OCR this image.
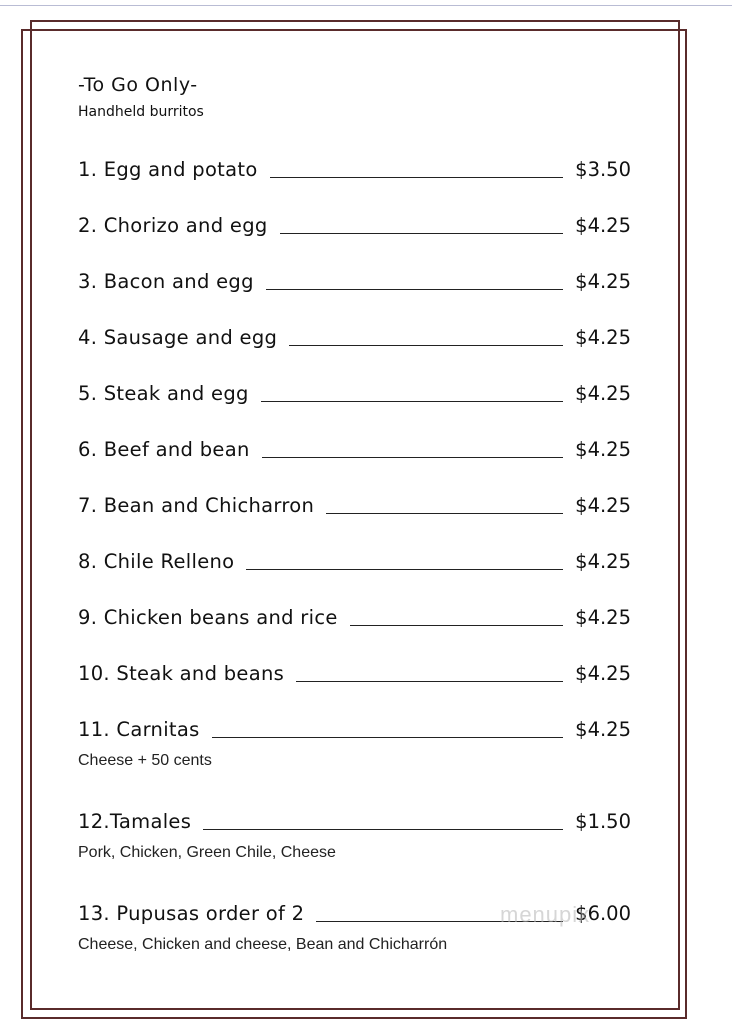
-To Go Only-
Handheld burritos
1. Egg and potato	$3.50
2. Chorizo and egg	$4.25
3. Bacon and egg	$4.25
4. Sausage and egg	$4.25
5. Steak and egg	$4.25
6. Beef and bean	$4.25
7. Bean and Chicharron	$4.25
8. Chile Relleno	$4.25
9. Chicken beans and rice	$4.25
10. Steak and beans	$4.25
11. Carnitas	$4.25
Cheese + 50 cents
12.Tamales	$1.50
Pork, Chicken, Green Chile, Cheese
13. Pupusas order of 2	$6.00
menupix
Cheese, Chicken and cheese, Bean and Chicharrón
